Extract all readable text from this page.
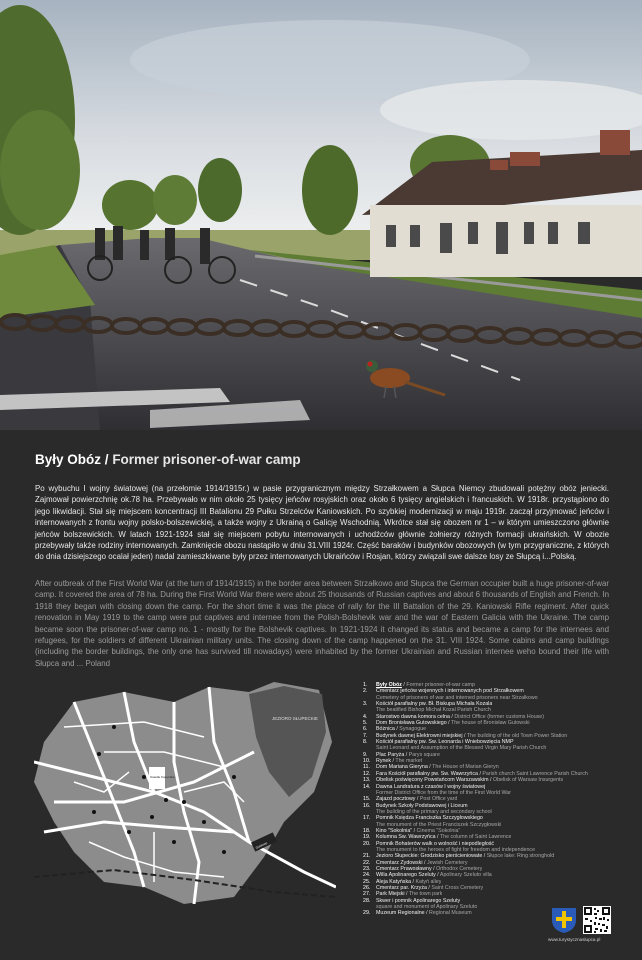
Były Obóz / Former prisoner-of-war camp

Po wybuchu I wojny światowej (na przełomie 1914/1915r.) w pasie przygranicznym między Strzałkowem a Słupca Niemcy zbudowali potężny obóz jeniecki. Zajmował powierzchnię ok.78 ha. Przebywało w nim około 25 tysięcy jeńców rosyjskich oraz około 6 tysięcy angielskich i francuskich. W 1918r. przystąpiono do jego likwidacji. Stał się miejscem koncentracji III Batalionu 29 Pułku Strzelców Kaniowskich. Po szybkiej modernizacji w maju 1919r. zaczął przyjmować jeńców i internowanych z frontu wojny polsko-bolszewickiej, a także wojny z Ukrainą o Galicję Wschodnią. Wkrótce stał się obozem nr 1 – w którym umieszczono głównie jeńców bolszewickich. W latach 1921-1924 stał się miejscem pobytu internowanych i uchodźców głównie żołnierzy różnych formacji ukraińskich. W obozie przebywały także rodziny internowanych. Zamknięcie obozu nastąpiło w dniu 31.VIII 1924r. Część baraków i budynków obozowych (w tym przygraniczne, z których do dnia dzisiejszego ocalał jeden) nadal zamieszkiwane były przez internowanych Ukraińców i Rosjan, którzy związali swe dalsze losy ze Słupcą i...Polską.

After outbreak of the First World War (at the turn of 1914/1915) in the border area between Strzałkowo and Słupca the German occupier built a huge prisoner-of-war camp. It covered the area of 78 ha. During the First World War there were about 25 thousands of Russian captives and about 6 thousands of English and French. In 1918 they began with closing down the camp. For the short time it was the place of rally for the III Battalion of the 29. Kaniowski Rifle regiment. After quick renovation in May 1919 to the camp were put captives and internee from the Polish-Bolshevik war and the war of Eastern Galicia with the Ukraine. The camp became soon the prisoner-of-war camp no. 1 - mostly for the Bolshevik captives. In 1921-1924 it changed its status and became a camp for the internees and refugees, for the soldiers of different Ukrainian military units. The closing down of the camp happened on the 31. VIII 1924. Some cabins and camp buildings (including the border buildings, the only one has survived till nowadays) were inhabited by the former Ukrainian and Russian internee weho bound their life with Słupca and ... Poland

JEZIORO SŁUPECKIE
Osiedle Kopernika
Gosłowo
1.	Były Obóz / Former prisoner-of-war camp
2.	Cmentarz jeńców wojennych i internowanych pod Strzałkowem
Cemetery of prisoners of war and interned prisoners near Strzałkowo
3.	Kościół parafialny pw. Bł. Biskupa Michała Kozala
The beatified Bishop Michał Kozal Parish Church
4.	Starostwo dawna komora celna / District Office (former customs House)
5.	Dom Bronisława Gutowskiego / The house of Bronisław Gutowski
6.	Bóżnica / Synagogue
7.	Budynek dawnej Elektrowni miejskiej / The building of the old Town Power Station
8.	Kościół parafialny pw. Św. Leonarda i Wniebowzięcia NMP
Saint Leonard and Assumption of the Blessed Virgin Mary Parish Church
9.	Plac Paryża / Parys square
10.	Rynek / The market
11.	Dom Mariana Gieryna / The House of Marian Gieryn
12.	Fara Kościół parafialny pw. Św. Wawrzyńca / Parish church Saint Lawrence Parish Church
13.	Obelisk poświęcony Powstańcom Warszawskim / Obelisk of Warsaw Insurgents
14.	Dawna Landratura z czasów I wojny światowej
Former District Office from the time of the First World War
15.	Zajazd pocztowy / Post Office yard
16.	Budynek Szkoły Podstawowej i Liceum
The building of the primary and secondary school
17.	Pomnik Księdza Franciszka Szczygłowskiego
The monument of the Priest Franciszek Szczygłowski
18.	Kino "Sokolnia" / Cinema "Sokolnia"
19.	Kolumna Św. Wawrzyńca / The column of Saint Lawrence
20.	Pomnik Bohaterów walk o wolność i niepodległość
The monument to the heroes of fight for freedom and independence
21.	Jezioro Słupeckie: Grodzisko pierścieniowate / Słupce lake: Ring stronghold
22.	Cmentarz Żydowski / Jewish Cemetery
23.	Cmentarz Prawosławny / Orthodox Cemetery
24.	Willa Apolinarego Szeluty / Apolinary Szeluto villa
25.	Aleja Katyńska / Katyń alley
26.	Cmentarz par. Krzyża / Saint Cross Cemetery
27.	Park Miejski / The town park
28.	Skwer i pomnik Apolinarego Szeluty
square and monument of Apolinary Szeluto
29.	Muzeum Regionalne / Regional Museum
www.turystycznaslupca.pl
